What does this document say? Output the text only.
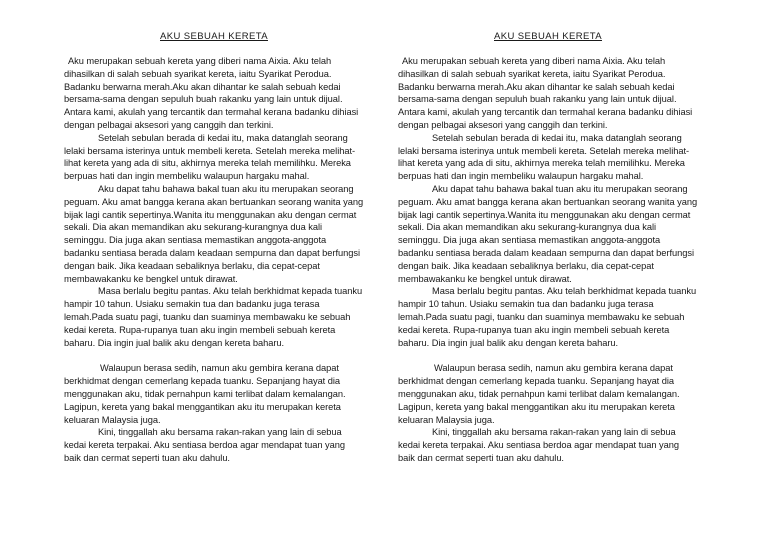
AKU SEBUAH KERETA

Aku merupakan sebuah kereta yang diberi nama Aixia. Aku telah dihasilkan di salah sebuah syarikat kereta, iaitu Syarikat Perodua. Badanku berwarna merah.Aku akan dihantar ke salah sebuah kedai bersama-sama dengan sepuluh buah rakanku yang lain untuk dijual. Antara kami, akulah yang tercantik dan termahal kerana badanku dihiasi dengan pelbagai aksesori yang canggih dan terkini.

Setelah sebulan berada di kedai itu, maka datanglah seorang lelaki bersama isterinya untuk membeli kereta. Setelah mereka melihat-lihat kereta yang ada di situ, akhirnya mereka telah memilihku. Mereka berpuas hati dan ingin membeliku walaupun hargaku mahal.

Aku dapat tahu bahawa bakal tuan aku itu merupakan seorang peguam. Aku amat bangga kerana akan bertuankan seorang wanita yang bijak lagi cantik sepertinya.Wanita itu menggunakan aku dengan cermat sekali. Dia akan memandikan aku sekurang-kurangnya dua kali seminggu. Dia juga akan sentiasa memastikan anggota-anggota badanku sentiasa berada dalam keadaan sempurna dan dapat berfungsi dengan baik. Jika keadaan sebaliknya berlaku, dia cepat-cepat membawakanku ke bengkel untuk dirawat.

Masa berlalu begitu pantas. Aku telah berkhidmat kepada tuanku hampir 10 tahun. Usiaku semakin tua dan badanku juga terasa lemah.Pada suatu pagi, tuanku dan suaminya membawaku ke sebuah kedai kereta. Rupa-rupanya tuan aku ingin membeli sebuah kereta baharu. Dia ingin jual balik aku dengan kereta baharu.

Walaupun berasa sedih, namun aku gembira kerana dapat berkhidmat dengan cemerlang kepada tuanku. Sepanjang hayat dia menggunakan aku, tidak pernahpun kami terlibat dalam kemalangan. Lagipun, kereta yang bakal menggantikan aku itu merupakan kereta keluaran Malaysia juga.

Kini, tinggallah aku bersama rakan-rakan yang lain di sebua kedai kereta terpakai. Aku sentiasa berdoa agar mendapat tuan yang baik dan cermat seperti tuan aku dahulu.

AKU SEBUAH KERETA

Aku merupakan sebuah kereta yang diberi nama Aixia. Aku telah dihasilkan di salah sebuah syarikat kereta, iaitu Syarikat Perodua. Badanku berwarna merah.Aku akan dihantar ke salah sebuah kedai bersama-sama dengan sepuluh buah rakanku yang lain untuk dijual. Antara kami, akulah yang tercantik dan termahal kerana badanku dihiasi dengan pelbagai aksesori yang canggih dan terkini.

Setelah sebulan berada di kedai itu, maka datanglah seorang lelaki bersama isterinya untuk membeli kereta. Setelah mereka melihat-lihat kereta yang ada di situ, akhirnya mereka telah memilihku. Mereka berpuas hati dan ingin membeliku walaupun hargaku mahal.

Aku dapat tahu bahawa bakal tuan aku itu merupakan seorang peguam. Aku amat bangga kerana akan bertuankan seorang wanita yang bijak lagi cantik sepertinya.Wanita itu menggunakan aku dengan cermat sekali. Dia akan memandikan aku sekurang-kurangnya dua kali seminggu. Dia juga akan sentiasa memastikan anggota-anggota badanku sentiasa berada dalam keadaan sempurna dan dapat berfungsi dengan baik. Jika keadaan sebaliknya berlaku, dia cepat-cepat membawakanku ke bengkel untuk dirawat.

Masa berlalu begitu pantas. Aku telah berkhidmat kepada tuanku hampir 10 tahun. Usiaku semakin tua dan badanku juga terasa lemah.Pada suatu pagi, tuanku dan suaminya membawaku ke sebuah kedai kereta. Rupa-rupanya tuan aku ingin membeli sebuah kereta baharu. Dia ingin jual balik aku dengan kereta baharu.

Walaupun berasa sedih, namun aku gembira kerana dapat berkhidmat dengan cemerlang kepada tuanku. Sepanjang hayat dia menggunakan aku, tidak pernahpun kami terlibat dalam kemalangan. Lagipun, kereta yang bakal menggantikan aku itu merupakan kereta keluaran Malaysia juga.

Kini, tinggallah aku bersama rakan-rakan yang lain di sebua kedai kereta terpakai. Aku sentiasa berdoa agar mendapat tuan yang baik dan cermat seperti tuan aku dahulu.
